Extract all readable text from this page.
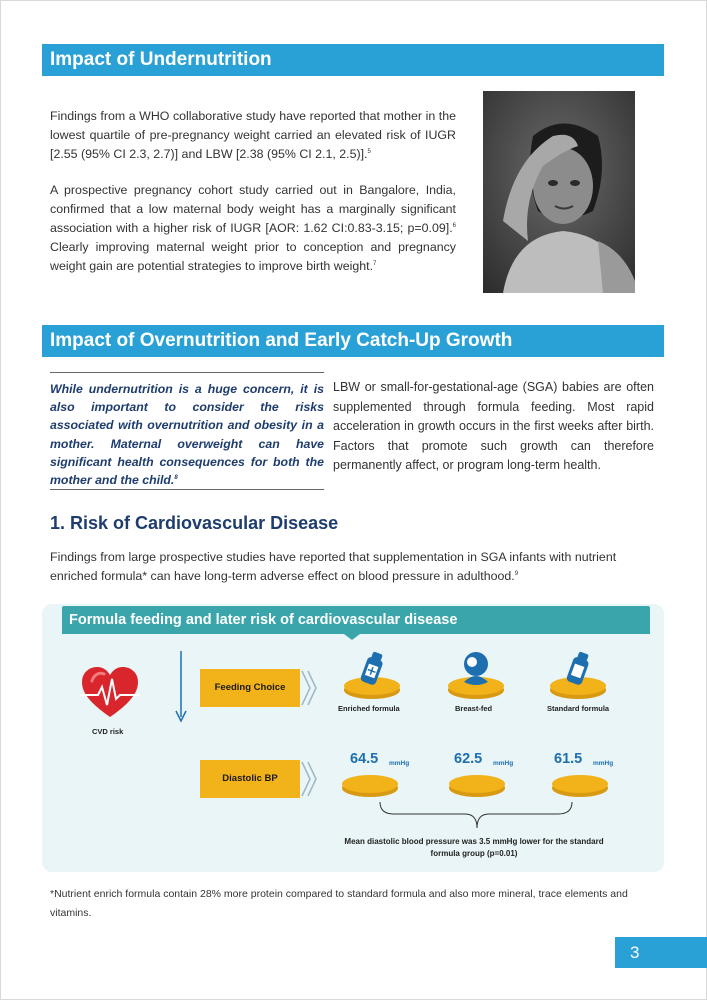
Impact of Undernutrition

Findings from a WHO collaborative study have reported that mother in the lowest quartile of pre-pregnancy weight carried an elevated risk of IUGR [2.55 (95% CI 2.3, 2.7)] and LBW [2.38 (95% CI 2.1, 2.5)].$^5$

A prospective pregnancy cohort study carried out in Bangalore, India, confirmed that a low maternal body weight has a marginally significant association with a higher risk of IUGR [AOR: 1.62 CI:0.83-3.15; p=0.09].$^6$ Clearly improving maternal weight prior to conception and pregnancy weight gain are potential strategies to improve birth weight.$^7$

Impact of Overnutrition and Early Catch-Up Growth

While undernutrition is a huge concern, it is also important to consider the risks associated with overnutrition and obesity in a mother. Maternal overweight can have significant health consequences for both the mother and the child.$^8$

LBW or small-for-gestational-age (SGA) babies are often supplemented through formula feeding. Most rapid acceleration in growth occurs in the first weeks after birth. Factors that promote such growth can therefore permanently affect, or program long-term health.

1. Risk of Cardiovascular Disease

Findings from large prospective studies have reported that supplementation in SGA infants with nutrient enriched formula* can have long-term adverse effect on blood pressure in adulthood.$^9$

Formula feeding and later risk of cardiovascular disease
CVD risk
Feeding Choice
Enriched formula	Breast-fed	Standard formula
Diastolic BP
64.5 mmHg	62.5 mmHg	61.5 mmHg
Mean diastolic blood pressure was 3.5 mmHg lower for the standard formula group (p=0.01)

*Nutrient enrich formula contain 28% more protein compared to standard formula and also more mineral, trace elements and vitamins.

3
